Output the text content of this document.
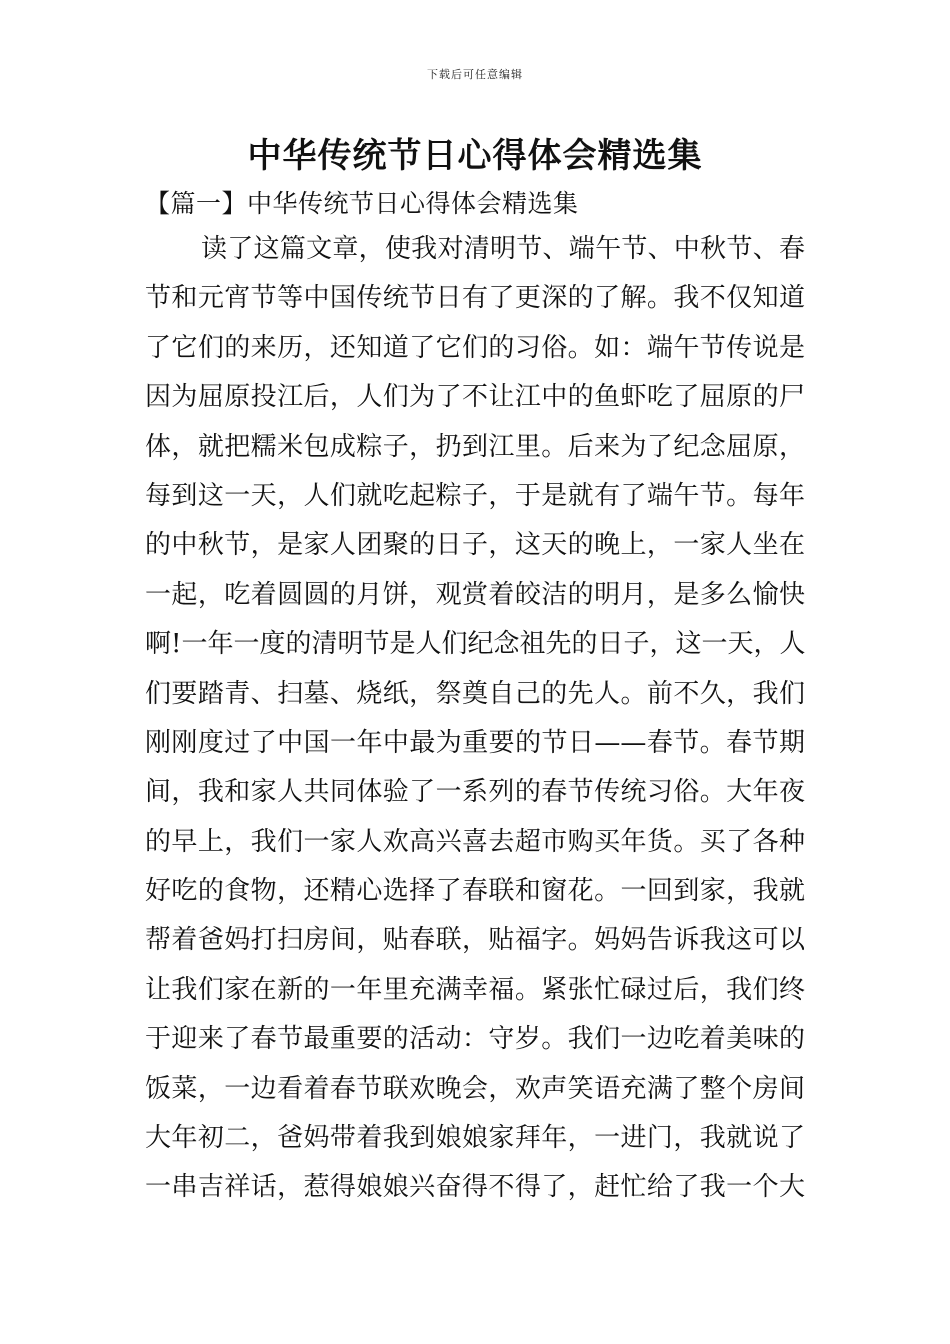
下载后可任意编辑
中华传统节日心得体会精选集
【篇一】中华传统节日心得体会精选集
读了这篇文章，使我对清明节、端午节、中秋节、春
节和元宵节等中国传统节日有了更深的了解。我不仅知道
了它们的来历，还知道了它们的习俗。如：端午节传说是
因为屈原投江后，人们为了不让江中的鱼虾吃了屈原的尸
体，就把糯米包成粽子，扔到江里。后来为了纪念屈原，
每到这一天，人们就吃起粽子，于是就有了端午节。每年
的中秋节，是家人团聚的日子，这天的晚上，一家人坐在
一起，吃着圆圆的月饼，观赏着皎洁的明月，是多么愉快
啊!一年一度的清明节是人们纪念祖先的日子，这一天，人
们要踏青、扫墓、烧纸，祭奠自己的先人。前不久，我们
刚刚度过了中国一年中最为重要的节日——春节。春节期
间，我和家人共同体验了一系列的春节传统习俗。大年夜
的早上，我们一家人欢高兴喜去超市购买年货。买了各种
好吃的食物，还精心选择了春联和窗花。一回到家，我就
帮着爸妈打扫房间，贴春联，贴福字。妈妈告诉我这可以
让我们家在新的一年里充满幸福。紧张忙碌过后，我们终
于迎来了春节最重要的活动：守岁。我们一边吃着美味的
饭菜，一边看着春节联欢晚会，欢声笑语充满了整个房间
大年初二，爸妈带着我到娘娘家拜年，一进门，我就说了
一串吉祥话，惹得娘娘兴奋得不得了，赶忙给了我一个大
